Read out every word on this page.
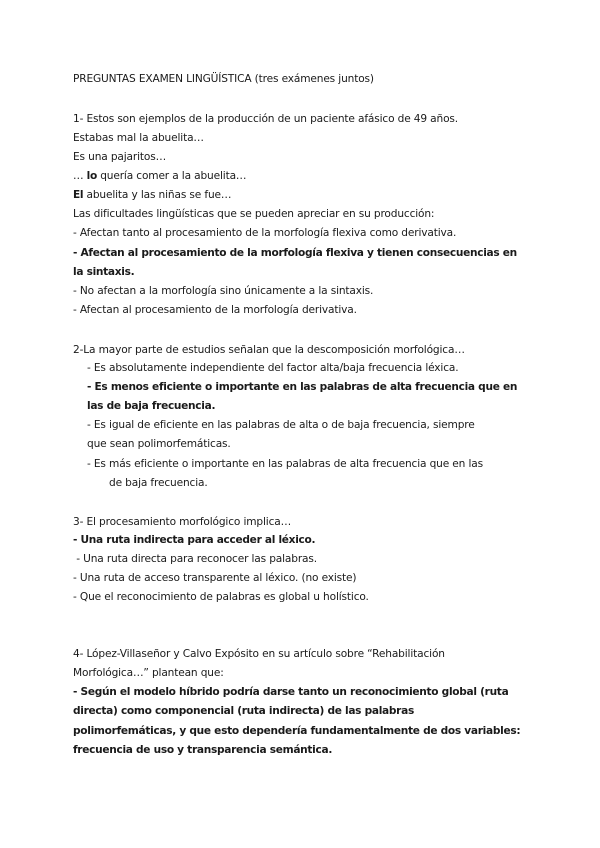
PREGUNTAS EXAMEN LINGÜÍSTICA (tres exámenes juntos)
1- Estos son ejemplos de la producción de un paciente afásico de 49 años.
Estabas mal la abuelita…
Es una pajaritos…
… lo quería comer a la abuelita…
El abuelita y las niñas se fue…
Las dificultades lingüísticas que se pueden apreciar en su producción:
- Afectan tanto al procesamiento de la morfología flexiva como derivativa.
- Afectan al procesamiento de la morfología flexiva y tienen consecuencias en
la sintaxis.
- No afectan a la morfología sino únicamente a la sintaxis.
- Afectan al procesamiento de la morfología derivativa.
2-La mayor parte de estudios señalan que la descomposición morfológica…
- Es absolutamente independiente del factor alta/baja frecuencia léxica.
- Es menos eficiente o importante en las palabras de alta frecuencia que en
las de baja frecuencia.
- Es igual de eficiente en las palabras de alta o de baja frecuencia, siempre
que sean polimorfemáticas.
- Es más eficiente o importante en las palabras de alta frecuencia que en las
de baja frecuencia.
3- El procesamiento morfológico implica…
- Una ruta indirecta para acceder al léxico.
- Una ruta directa para reconocer las palabras.
- Una ruta de acceso transparente al léxico. (no existe)
- Que el reconocimiento de palabras es global u holístico.
4- López-Villaseñor y Calvo Expósito en su artículo sobre “Rehabilitación
Morfológica…” plantean que:
- Según el modelo híbrido podría darse tanto un reconocimiento global (ruta
directa) como componencial (ruta indirecta) de las palabras
polimorfemáticas, y que esto dependería fundamentalmente de dos variables:
frecuencia de uso y transparencia semántica.
